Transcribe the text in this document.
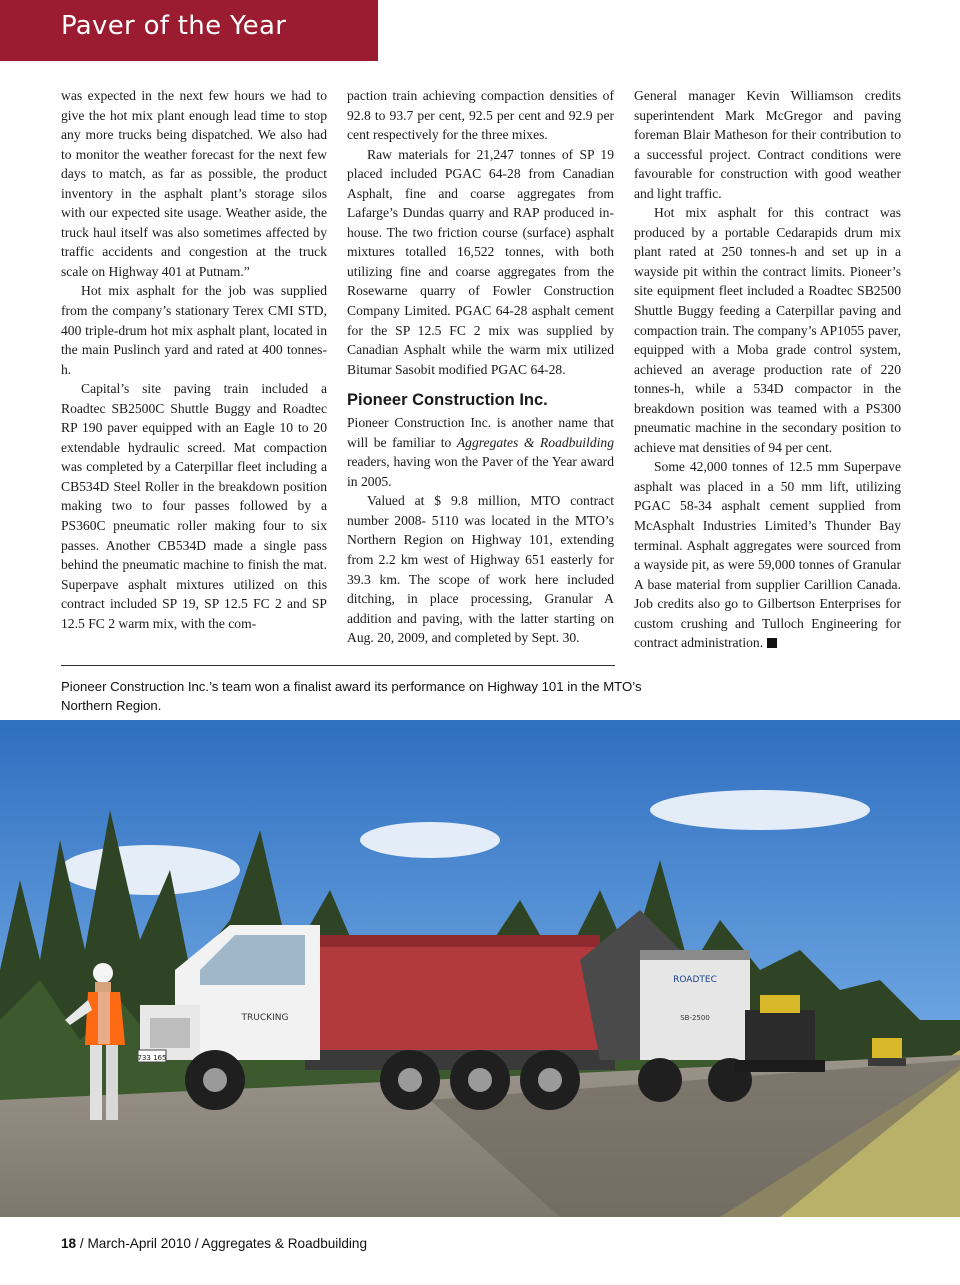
Paver of the Year

was expected in the next few hours we had to give the hot mix plant enough lead time to stop any more trucks being dispatched. We also had to monitor the weather forecast for the next few days to match, as far as possible, the product inventory in the asphalt plant’s storage silos with our expected site usage. Weather aside, the truck haul itself was also sometimes affected by traffic accidents and congestion at the truck scale on Highway 401 at Putnam.”

Hot mix asphalt for the job was supplied from the company’s stationary Terex CMI STD, 400 triple-drum hot mix asphalt plant, located in the main Puslinch yard and rated at 400 tonnes-h.

Capital’s site paving train included a Roadtec SB2500C Shuttle Buggy and Roadtec RP 190 paver equipped with an Eagle 10 to 20 extendable hydraulic screed. Mat compaction was completed by a Caterpillar fleet including a CB534D Steel Roller in the breakdown position making two to four passes followed by a PS360C pneumatic roller making four to six passes. Another CB534D made a single pass behind the pneumatic machine to finish the mat. Superpave asphalt mixtures utilized on this contract included SP 19, SP 12.5 FC 2 and SP 12.5 FC 2 warm mix, with the com-

paction train achieving compaction densities of 92.8 to 93.7 per cent, 92.5 per cent and 92.9 per cent respectively for the three mixes.

Raw materials for 21,247 tonnes of SP 19 placed included PGAC 64-28 from Canadian Asphalt, fine and coarse aggregates from Lafarge’s Dundas quarry and RAP produced in-house. The two friction course (surface) asphalt mixtures totalled 16,522 tonnes, with both utilizing fine and coarse aggregates from the Rosewarne quarry of Fowler Construction Company Limited. PGAC 64-28 asphalt cement for the SP 12.5 FC 2 mix was supplied by Canadian Asphalt while the warm mix utilized Bitumar Sasobit modified PGAC 64-28.

Pioneer Construction Inc.

Pioneer Construction Inc. is another name that will be familiar to Aggregates & Roadbuilding readers, having won the Paver of the Year award in 2005.

Valued at $ 9.8 million, MTO contract number 2008- 5110 was located in the MTO’s Northern Region on Highway 101, extending from 2.2 km west of Highway 651 easterly for 39.3 km. The scope of work here included ditching, in place processing, Granular A addition and paving, with the latter starting on Aug. 20, 2009, and completed by Sept. 30.

General manager Kevin Williamson credits superintendent Mark McGregor and paving foreman Blair Matheson for their contribution to a successful project. Contract conditions were favourable for construction with good weather and light traffic.

Hot mix asphalt for this contract was produced by a portable Cedarapids drum mix plant rated at 250 tonnes-h and set up in a wayside pit within the contract limits. Pioneer’s site equipment fleet included a Roadtec SB2500 Shuttle Buggy feeding a Caterpillar paving and compaction train. The company’s AP1055 paver, equipped with a Moba grade control system, achieved an average production rate of 220 tonnes-h, while a 534D compactor in the breakdown position was teamed with a PS300 pneumatic machine in the secondary position to achieve mat densities of 94 per cent.

Some 42,000 tonnes of 12.5 mm Superpave asphalt was placed in a 50 mm lift, utilizing PGAC 58-34 asphalt cement supplied from McAsphalt Industries Limited’s Thunder Bay terminal. Asphalt aggregates were sourced from a wayside pit, as were 59,000 tonnes of Granular A base material from supplier Carillion Canada. Job credits also go to Gilbertson Enterprises for custom crushing and Tulloch Engineering for contract administration.

Pioneer Construction Inc.’s team won a finalist award its performance on Highway 101 in the MTO’s Northern Region.
TRUCKING
733 165
ROADTEC
SB-2500
18 / March-April 2010 / Aggregates & Roadbuilding
